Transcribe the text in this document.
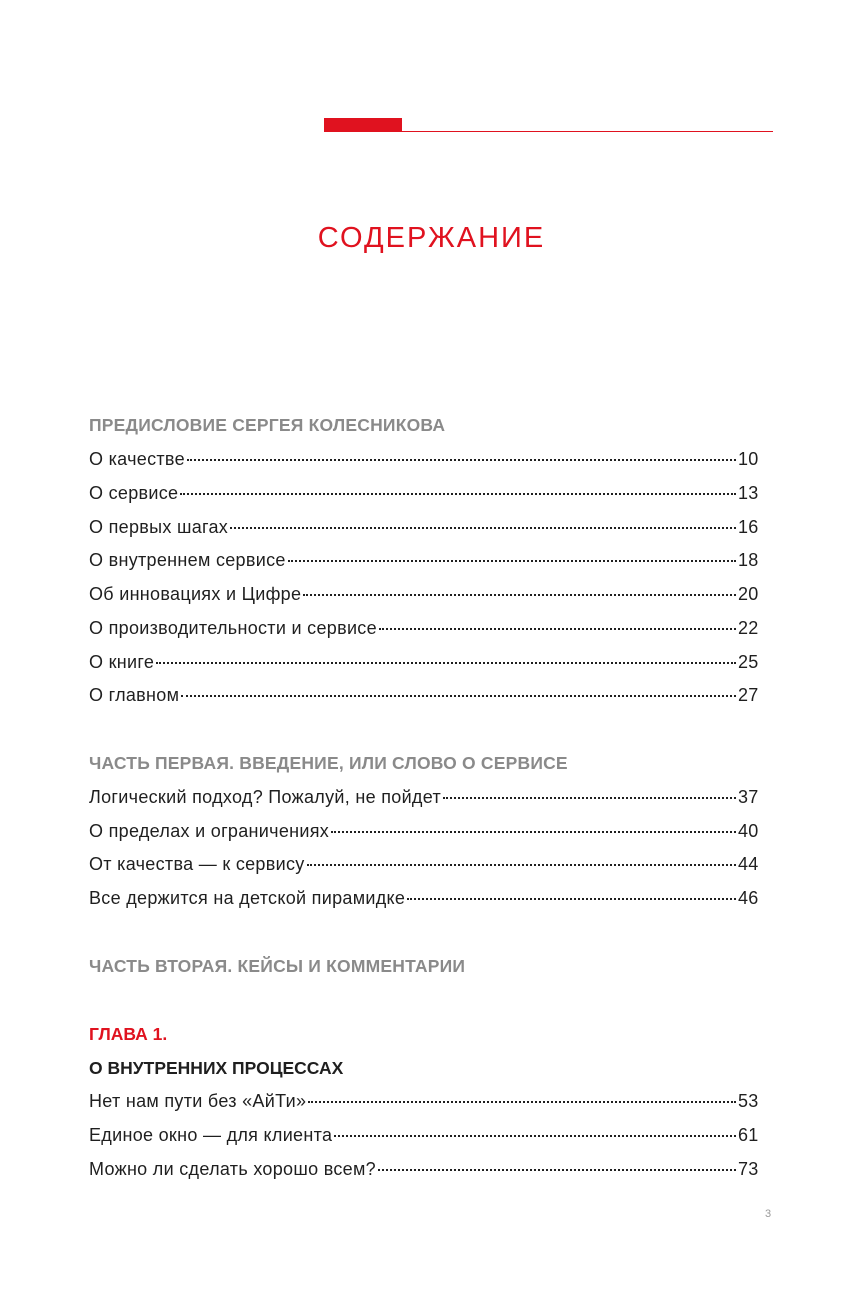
СОДЕРЖАНИЕ
ПРЕДИСЛОВИЕ СЕРГЕЯ КОЛЕСНИКОВА
О качестве	10
О сервисе	13
О первых шагах	16
О внутреннем сервисе	18
Об инновациях и Цифре	20
О производительности и сервисе	22
О книге	25
О главном	27
ЧАСТЬ ПЕРВАЯ. ВВЕДЕНИЕ, ИЛИ СЛОВО О СЕРВИСЕ
Логический подход? Пожалуй, не пойдет	37
О пределах и ограничениях	40
От качества — к сервису	44
Все держится на детской пирамидке	46
ЧАСТЬ ВТОРАЯ. КЕЙСЫ И КОММЕНТАРИИ
ГЛАВА 1.
О ВНУТРЕННИХ ПРОЦЕССАХ
Нет нам пути без «АйТи»	53
Единое окно — для клиента	61
Можно ли сделать хорошо всем?	73
3
